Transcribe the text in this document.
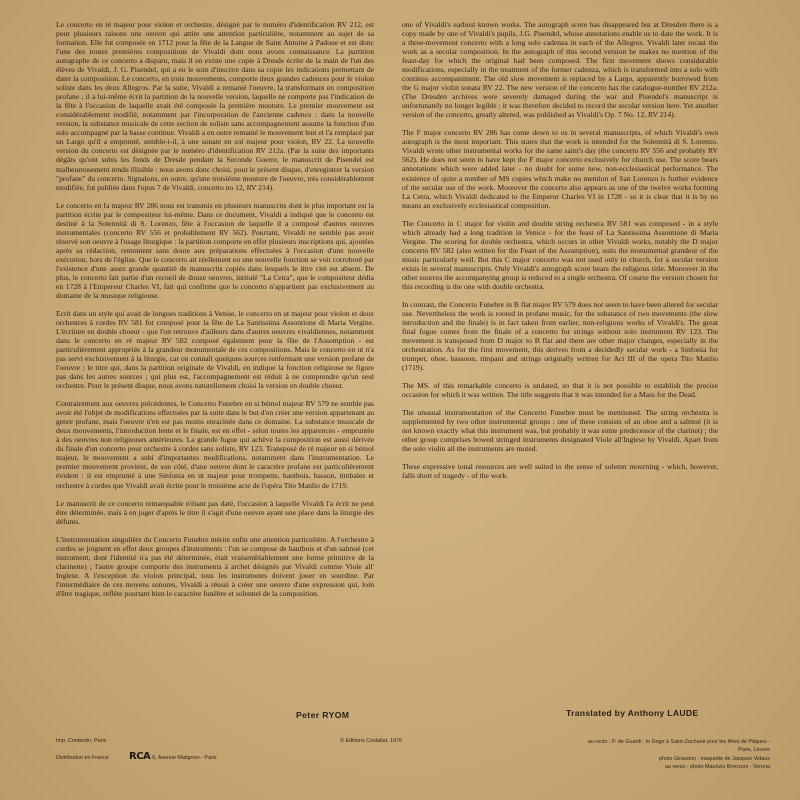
Le concerto en ré majeur pour violon et orchestre, désigné par le numéro d'identification RV 212, est pour plusieurs raisons une oeuvre qui attire une attention particulière, notamment au sujet de sa formation. Elle fut composée en 1712 pour la fête de la Langue de Saint Antoine à Padoue et est donc l'une des toutes premières compositions de Vivaldi dont nous avons connaissance. La partition autographe de ce concerto a disparu, mais il en existe une copie à Dresde écrite de la main de l'un des élèves de Vivaldi, J. G. Pisendel, qui a eu le soin d'inscrire dans sa copie les indications permettant de dater la composition. Le concerto, en trois mouvements, comporte deux grandes cadences pour le violon soliste dans les deux Allegros. Par la suite, Vivaldi a remanié l'oeuvre, la transformant en composition profane ; il a lui-même écrit la partition de la nouvelle version, laquelle ne comporte pas l'indication de la fête à l'occasion de laquelle avait été composée la première mouture. Le premier mouvement est considérablement modifié, notamment par l'incorporation de l'ancienne cadence : dans la nouvelle version, la substance musicale de cette section de soliste sans accompagnement assume la fonction d'un solo accompagné par la basse continue. Vivaldi a en outre remanié le mouvement lent et l'a remplacé par un Largo qu'il a emprunté, semble-t-il, à une sonate en sol majeur pour violon, RV 22. La nouvelle version du concerto est désignée par le numéro d'identification RV 212a. (Par la suite des importants dégâts qu'ont subis les fonds de Dresde pendant la Seconde Guerre, le manuscrit de Pisendel est malheureusement rendu illisible : nous avons donc choisi, pour le présent disque, d'enregistrer la version "profane" du concerto. Signalons, en outre, qu'une troisième mouture de l'oeuvre, très considérablement modifiée, fut publiée dans l'opus 7 de Vivaldi, concerto no 12, RV 214).

Le concerto en fa majeur RV 286 nous est transmis en plusieurs manuscrits dont le plus important est la partition écrite par le compositeur lui-même. Dans ce document, Vivaldi a indiqué que le concerto est destiné à la Solennità di S. Lorenzo, fête à l'occasion de laquelle il a composé d'autres oeuvres instrumentales (concerto RV 556 et probablement RV 562). Pourtant, Vivaldi ne semble pas avoir réservé son oeuvre à l'usage liturgique : la partition comporte en effet plusieurs inscriptions qui, ajoutées après sa rédaction, remontent sans doute aux préparations effectuées à l'occasion d'une nouvelle exécution, hors de l'église. Que le concerto ait réellement eu une nouvelle fonction se voit corroboré par l'existence d'une assez grande quantité de manuscrits copiés dans lesquels le titre cité est absent. De plus, le concerto fait partie d'un recueil de douze oeuvres, intitulé "La Cetra", que le compositeur dédia en 1728 à l'Empereur Charles VI, fait qui confirme que le concerto n'appartient pas exclusivement au domaine de la musique religieuse.

Ecrit dans un style qui avait de longues traditions à Venise, le concerto en ut majeur pour violon et deux orchestres à cordes RV 581 fut composé pour la fête de La Santissima Assontione di Maria Vergine. L'écriture en double choeur - que l'on retrouve d'ailleurs dans d'autres oeuvres vivaldiennes, notamment dans le concerto en ré majeur RV 582 composé également pour la fête de l'Assomption - est particulièrement appropriée à la grandeur monumentale de ces compositions. Mais le concerto en ut n'a pas servi exclusivement à la liturgie, car on connaît quelques sources renfermant une version profane de l'oeuvre ; le titre qui, dans la partition originale de Vivaldi, en indique la fonction religieuse ne figure pas dans les autres sources ; qui plus est, l'accompagnement est réduit à ne comprendre qu'un seul orchestre. Pour le présent disque, nous avons naturellement choisi la version en double choeur.

Contrairement aux oeuvres précédentes, le Concerto Funebre en si bémol majeur RV 579 ne semble pas avoir été l'objet de modifications effectuées par la suite dans le but d'en créer une version appartenant au genre profane, mais l'oeuvre n'en est pas moins enracinée dans ce domaine. La substance musicale de deux mouvements, l'introduction lente et le finale, est en effet - selon toutes les apparences - empruntée à des oeuvres non religieuses antérieures. La grande fugue qui achève la composition est aussi dérivée du finale d'un concerto pour orchestre à cordes sans soliste, RV 123. Transposé de ré majeur en si bémol majeur, le mouvement a subi d'importantes modifications, notamment dans l'instrumentation. Le premier mouvement provient, de son côté, d'une oeuvre dont le caractère profane est particulièrement évident : il est emprunté à une Sinfonia en ut majeur pour trompette, hautbois, basson, timbales et orchestre à cordes que Vivaldi avait écrite pour le troisième acte de l'opéra Tito Manlio de 1719.

Le manuscrit de ce concerto remarquable n'étant pas daté, l'occasion à laquelle Vivaldi l'a écrit ne peut être déterminée, mais à en juger d'après le titre il s'agit d'une oeuvre ayant une place dans la liturgie des défunts.

L'instrumentation singulière du Concerto Funebre mérite enfin une attention particulière. A l'orchestre à cordes se joignent en effet deux groupes d'instruments : l'un se compose de hautbois et d'un salmoè (cet instrument, dont l'identité n'a pas été déterminée, était vraisemblablement une forme primitive de la clarinette) ; l'autre groupe comporte des instruments à archet désignés par Vivaldi comme Viole all' Inglese. A l'exception du violon principal, tous les instruments doivent jouer en sourdine. Par l'intermédiaire de ces moyens sonores, Vivaldi a réussi à créer une oeuvre d'une expression qui, loin d'être tragique, reflète pourtant bien le caractère funèbre et solennel de la composition.

one of Vivaldi's earliest known works. The autograph score has disappeared but at Dresden there is a copy made by one of Vivaldi's pupils, J.G. Pisendel, whose annotations enable us to date the work. It is a three-movement concerto with a long solo cadenza in each of the Allegros. Vivaldi later recast the work as a secular composition. In the autograph of this second version he makes no mention of the feast-day for which the original had been composed. The first movement shows considerable modifications, especially in the treatment of the former cadenza, which is transformed into a solo with continuo accompaniment. The old slow movement is replaced by a Largo, apparently borrowed from the G major violin sonata RV 22. The new version of the concerto has the catalogue-number RV 212a. (The Dresden archives were severely damaged during the war and Pisendel's manuscript is unfortunately no longer legible : it was therefore decided to record the secular version here. Yet another version of the concerto, greatly altered, was published as Vivaldi's Op. 7 No. 12, RV 214).

The F major concerto RV 286 has come down to us in several manuscripts, of which Vivaldi's own autograph is the most important. This states that the work is intended for the Solennità di S. Lorenzo. Vivaldi wrote other instrumental works for the same saint's day (the concerto RV 556 and probably RV 562). He does not seem to have kept the F major concerto exclusively for church use. The score bears annotations which were added later - no doubt for some new, non-ecclesiastical performance. The existence of quite a number of MS copies which make no mention of San Lorenzo is further evidence of the secular use of the work. Moreover the concerto also appears as one of the twelve works forming La Cetra, which Vivaldi dedicated to the Emperor Charles VI in 1728 - so it is clear that it is by no means an exclusively ecclesiastical composition.

The Concerto in C major for violin and double string orchestra RV 581 was composed - in a style which already had a long tradition in Venice - for the feast of La Santissima Assontione di Maria Vergine. The scoring for double orchestra, which occurs in other Vivaldi works, notably the D major concerto RV 582 (also written for the Feast of the Assumption), suits the monumental grandeur of the music particularly well. But this C major concerto was not used only in church, for a secular version exists in several manuscripts. Only Vivaldi's autograph score bears the religious title. Moreover in the other sources the accompanying group is reduced to a single orchestra. Of course the version chosen for this recording is the one with double orchestra.

In contrast, the Concerto Funebre in B flat major RV 579 does not seem to have been altered for secular use. Nevertheless the work is rooted in profane music, for the substance of two movements (the slow introduction and the finale) is in fact taken from earlier, non-religious works of Vivaldi's. The great final fugue comes from the finale of a concerto for strings without solo instrument RV 123. The movement is transposed from D major to B flat and there are other major changes, especially in the orchestration. As for the first movement, this derives from a decidedly secular work - a Sinfonia for trumpet, oboe, bassoon, timpani and strings originally written for Act III of the opera Tito Manlio (1719).

The MS. of this remarkable concerto is undated, so that it is not possible to establish the precise occasion for which it was written. The title suggests that it was intended for a Mass for the Dead.

The unusual instrumentation of the Concerto Funebre must be mentioned. The string orchestra is supplemented by two other instrumental groups : one of these consists of an oboe and a salmoè (it is not known exactly what this instrument was, but probably it was some predecessor of the clarinet) ; the other group comprises bowed stringed instruments designated Viole all'Inglese by Vivaldi. Apart from the solo violin all the instruments are muted.

These expressive tonal resources are well suited to the sense of solemn mourning - which, however, falls short of tragedy - of the work.

Peter RYOM	Translated by Anthony LAUDE
Imp. Contentin, Paris
Distribution en France RCA 9, Avenue Matignon - Paris
© Editions Costallat, 1976	au recto : P. de Guardi : le Doge à Saint-Zacharie pour les fêtes de Pâques -
Paris, Louvre
photo Giraudon : maquette de Jacques Vidaux
au verso : photo Maurizio Brenzoni - Verona
